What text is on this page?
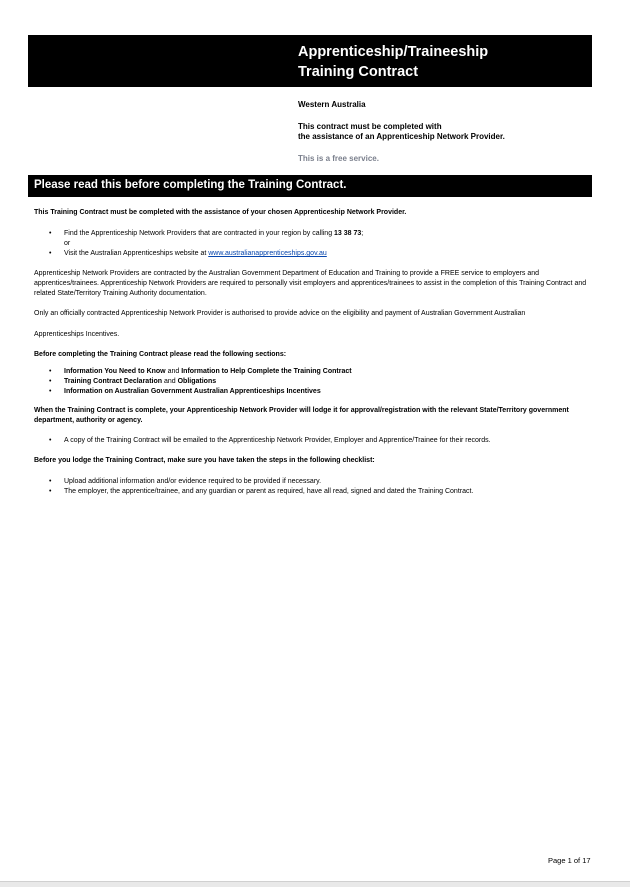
Apprenticeship/Traineeship
Training Contract
Western Australia
This contract must be completed with
the assistance of an Apprenticeship Network Provider.
This is a free service.
Please read this before completing the Training Contract.

This Training Contract must be completed with the assistance of your chosen Apprenticeship Network Provider.

• Find the Apprenticeship Network Providers that are contracted in your region by calling 13 38 73;
or
• Visit the Australian Apprenticeships website at www.australianapprenticeships.gov.au

Apprenticeship Network Providers are contracted by the Australian Government Department of Education and Training to provide a FREE service to employers and apprentices/trainees. Apprenticeship Network Providers are required to personally visit employers and apprentices/trainees to assist in the completion of this Training Contract and related State/Territory Training Authority documentation.

Only an officially contracted Apprenticeship Network Provider is authorised to provide advice on the eligibility and payment of Australian Government Australian

Apprenticeships Incentives.

Before completing the Training Contract please read the following sections:

• Information You Need to Know and Information to Help Complete the Training Contract
• Training Contract Declaration and Obligations
• Information on Australian Government Australian Apprenticeships Incentives

When the Training Contract is complete, your Apprenticeship Network Provider will lodge it for approval/registration with the relevant State/Territory government department, authority or agency.

• A copy of the Training Contract will be emailed to the Apprenticeship Network Provider, Employer and Apprentice/Trainee for their records.

Before you lodge the Training Contract, make sure you have taken the steps in the following checklist:

• Upload additional information and/or evidence required to be provided if necessary.
• The employer, the apprentice/trainee, and any guardian or parent as required, have all read, signed and dated the Training Contract.
Page 1 of 17
